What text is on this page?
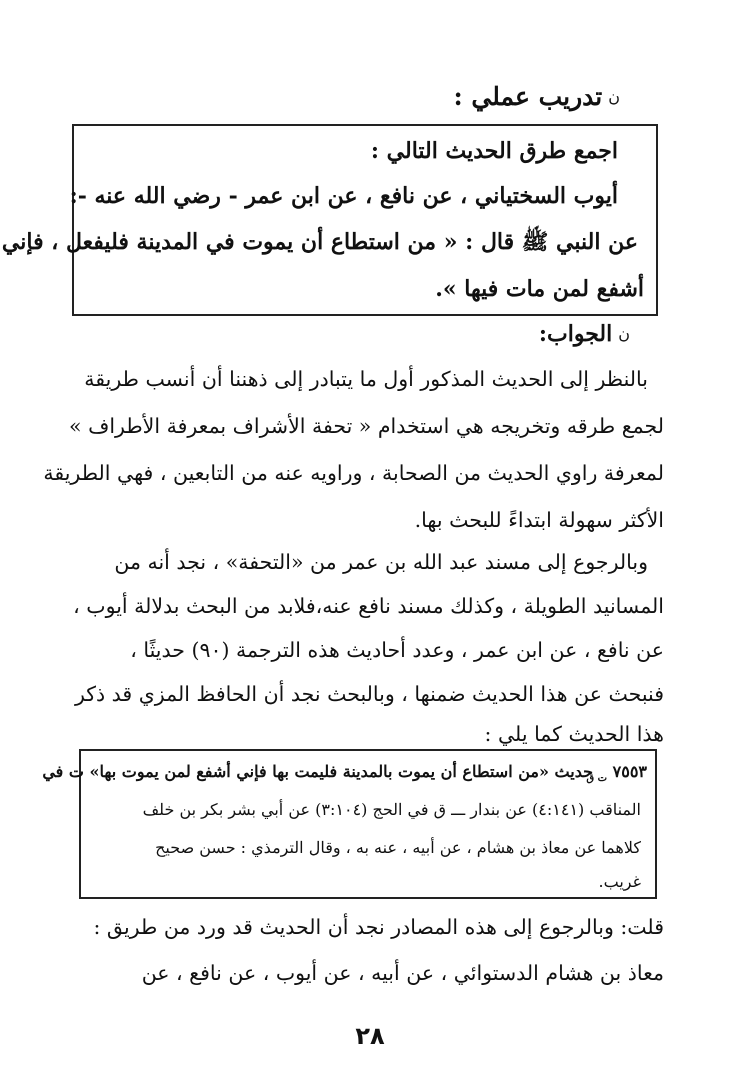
ن
تدريب عملي :
اجمع طرق الحديث التالي :
أيوب السختياني ، عن نافع ، عن ابن عمر - رضي الله عنه -:
عن النبي ﷺ قال : « من استطاع أن يموت في المدينة فليفعل ، فإني
أشفع لمن مات فيها ».
ن
الجواب:
بالنظر إلى الحديث المذكور أول ما يتبادر إلى ذهننا أن أنسب طريقة
لجمع طرقه وتخريجه هي استخدام « تحفة الأشراف بمعرفة الأطراف »
لمعرفة راوي الحديث من الصحابة ، وراويه عنه من التابعين ، فهي الطريقة
الأكثر سهولة ابتداءً للبحث بها.
وبالرجوع إلى مسند عبد الله بن عمر من «التحفة» ، نجد أنه من
المسانيد الطويلة ، وكذلك مسند نافع عنه،فلابد من البحث بدلالة أيوب ،
عن نافع ، عن ابن عمر ، وعدد أحاديث هذه الترجمة (٩٠) حديثًا ،
فنبحث عن هذا الحديث ضمنها ، وبالبحث نجد أن الحافظ المزي قد ذكر
هذا الحديث كما يلي :
٧٥٥٣ $_{ت ق}$
حديث «من استطاع أن يموت بالمدينة فليمت بها فإني أشفع لمن يموت بها» ت في
المناقب (٤:١٤١) عن بندار ـــ ق في الحج (٣:١٠٤) عن أبي بشر بكر بن خلف
كلاهما عن معاذ بن هشام ، عن أبيه ، عنه به ، وقال الترمذي : حسن صحيح
غريب.
قلت: وبالرجوع إلى هذه المصادر نجد أن الحديث قد ورد من طريق :
معاذ بن هشام الدستوائي ، عن أبيه ، عن أيوب ، عن نافع ، عن
٢٨
